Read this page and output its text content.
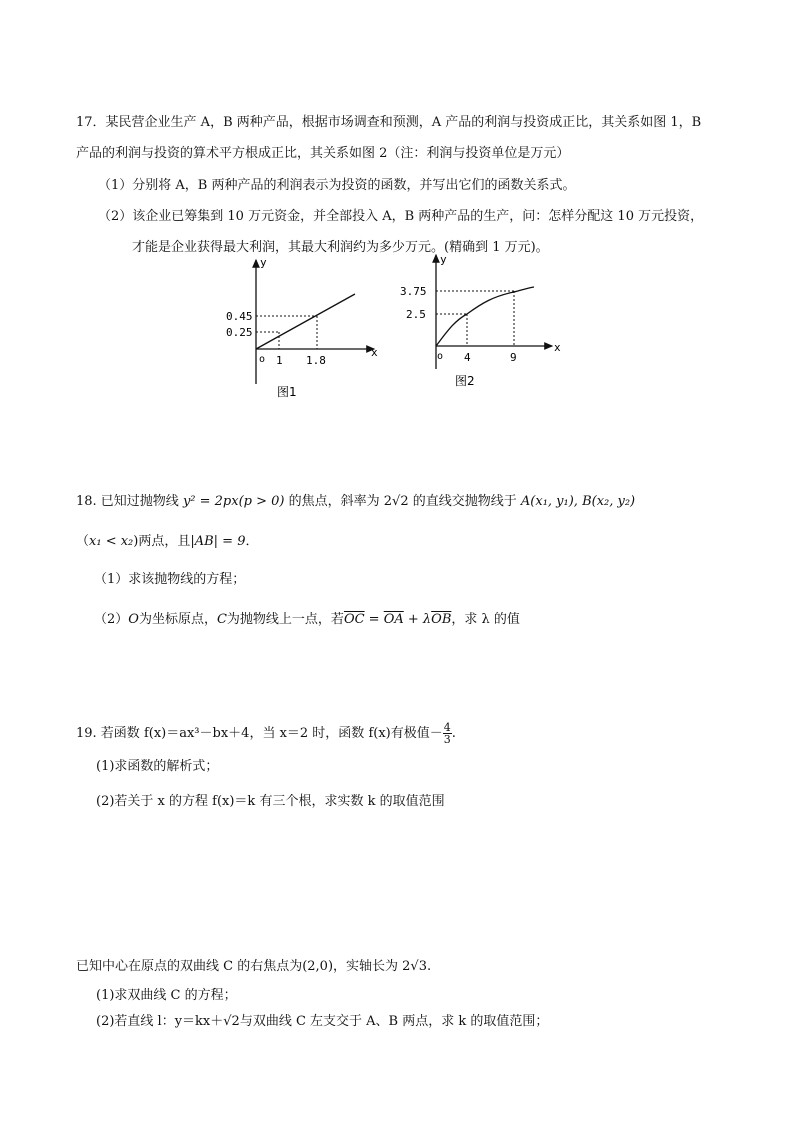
17．某民营企业生产 A，B 两种产品，根据市场调查和预测，A 产品的利润与投资成正比，其关系如图 1，B
产品的利润与投资的算术平方根成正比，其关系如图 2（注：利润与投资单位是万元）
（1）分别将 A，B 两种产品的利润表示为投资的函数，并写出它们的函数关系式。
（2）该企业已筹集到 10 万元资金，并全部投入 A，B 两种产品的生产，问：怎样分配这 10 万元投资，
才能是企业获得最大利润，其最大利润约为多少万元。(精确到 1 万元)。
y
x
o
0.45
0.25
1 1.8
图1
y
x
o
3.75
2.5
4	9
图2
18. 已知过抛物线 y² = 2px(p > 0) 的焦点，斜率为 2√2 的直线交抛物线于 A(x₁, y₁), B(x₂, y₂)
（x₁ < x₂)两点，且|AB| = 9．
（1）求该抛物线的方程；
（2）O为坐标原点，C为抛物线上一点，若$\overline{OC} = \overline{OA} + \lambda\overline{OB}$，求 λ 的值
19. 若函数 f(x)＝ax³－bx＋4，当 x＝2 时，函数 f(x)有极值－ $\frac{4}{3}$ .
(1)求函数的解析式；
(2)若关于 x 的方程 f(x)＝k 有三个根，求实数 k 的取值范围
已知中心在原点的双曲线 C 的右焦点为(2,0)，实轴长为 2√3.
(1)求双曲线 C 的方程；
(2)若直线 l：y＝kx＋√2与双曲线 C 左支交于 A、B 两点，求 k 的取值范围；
